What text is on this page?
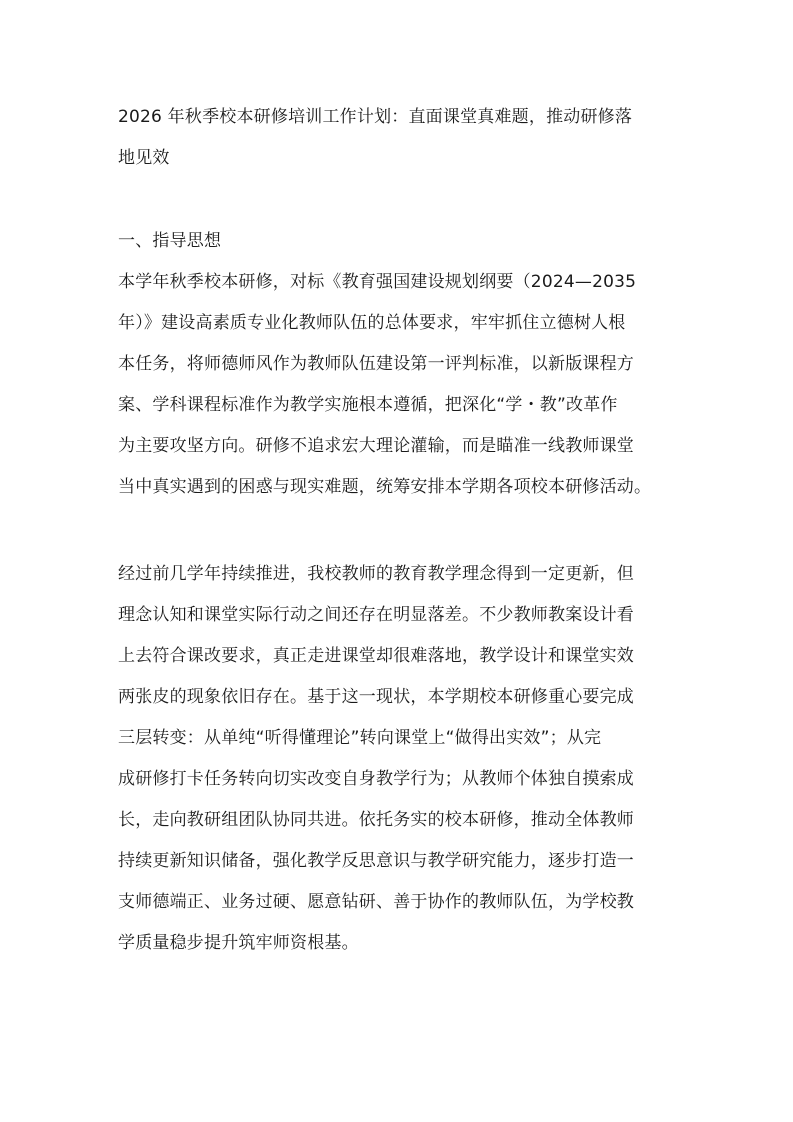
2026 年秋季校本研修培训工作计划：直面课堂真难题，推动研修落
地见效
一、指导思想
本学年秋季校本研修，对标《教育强国建设规划纲要（2024—2035
年）》建设高素质专业化教师队伍的总体要求，牢牢抓住立德树人根
本任务，将师德师风作为教师队伍建设第一评判标准，以新版课程方
案、学科课程标准作为教学实施根本遵循，把深化“学・教”改革作
为主要攻坚方向。研修不追求宏大理论灌输，而是瞄准一线教师课堂
当中真实遇到的困惑与现实难题，统筹安排本学期各项校本研修活动。
经过前几学年持续推进，我校教师的教育教学理念得到一定更新，但
理念认知和课堂实际行动之间还存在明显落差。不少教师教案设计看
上去符合课改要求，真正走进课堂却很难落地，教学设计和课堂实效
两张皮的现象依旧存在。基于这一现状，本学期校本研修重心要完成
三层转变：从单纯“听得懂理论”转向课堂上“做得出实效”；从完
成研修打卡任务转向切实改变自身教学行为；从教师个体独自摸索成
长，走向教研组团队协同共进。依托务实的校本研修，推动全体教师
持续更新知识储备，强化教学反思意识与教学研究能力，逐步打造一
支师德端正、业务过硬、愿意钻研、善于协作的教师队伍，为学校教
学质量稳步提升筑牢师资根基。
